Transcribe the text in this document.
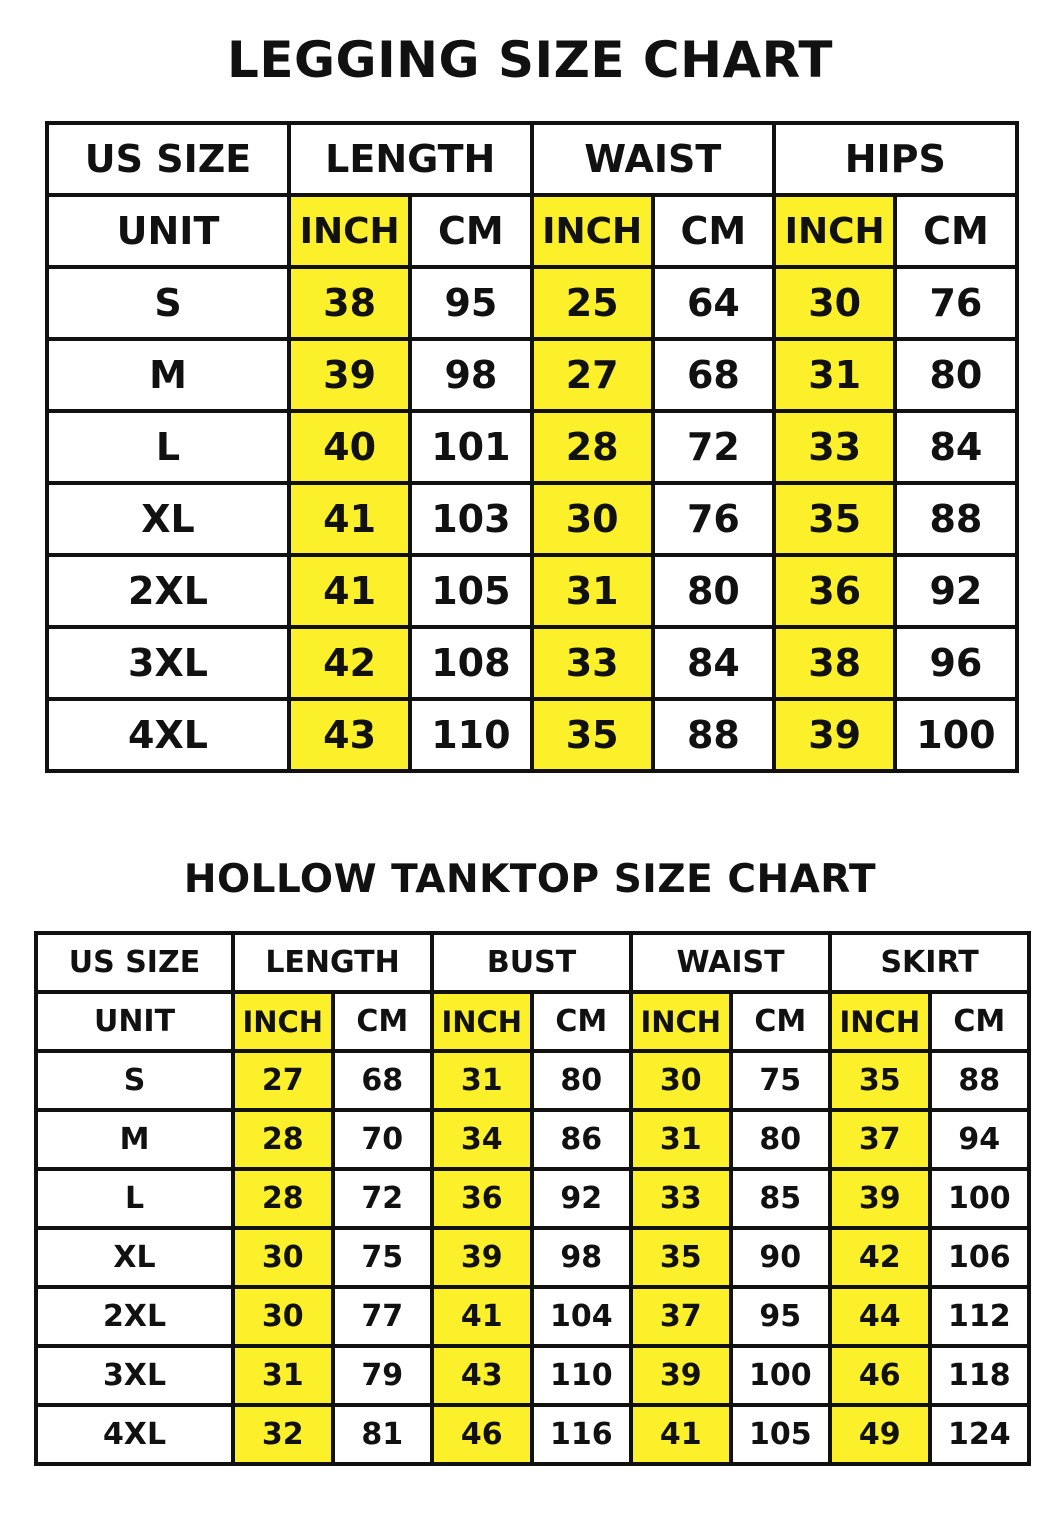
LEGGING SIZE CHART
US SIZE	LENGTH		WAIST		HIPS	
UNIT	INCH	CM	INCH	CM	INCH	CM
S	38	95	25	64	30	76
M	39	98	27	68	31	80
L	40	101	28	72	33	84
XL	41	103	30	76	35	88
2XL	41	105	31	80	36	92
3XL	42	108	33	84	38	96
4XL	43	110	35	88	39	100
HOLLOW TANKTOP SIZE CHART
US SIZE	LENGTH		BUST		WAIST		SKIRT	
UNIT	INCH	CM	INCH	CM	INCH	CM	INCH	CM
S	27	68	31	80	30	75	35	88
M	28	70	34	86	31	80	37	94
L	28	72	36	92	33	85	39	100
XL	30	75	39	98	35	90	42	106
2XL	30	77	41	104	37	95	44	112
3XL	31	79	43	110	39	100	46	118
4XL	32	81	46	116	41	105	49	124
